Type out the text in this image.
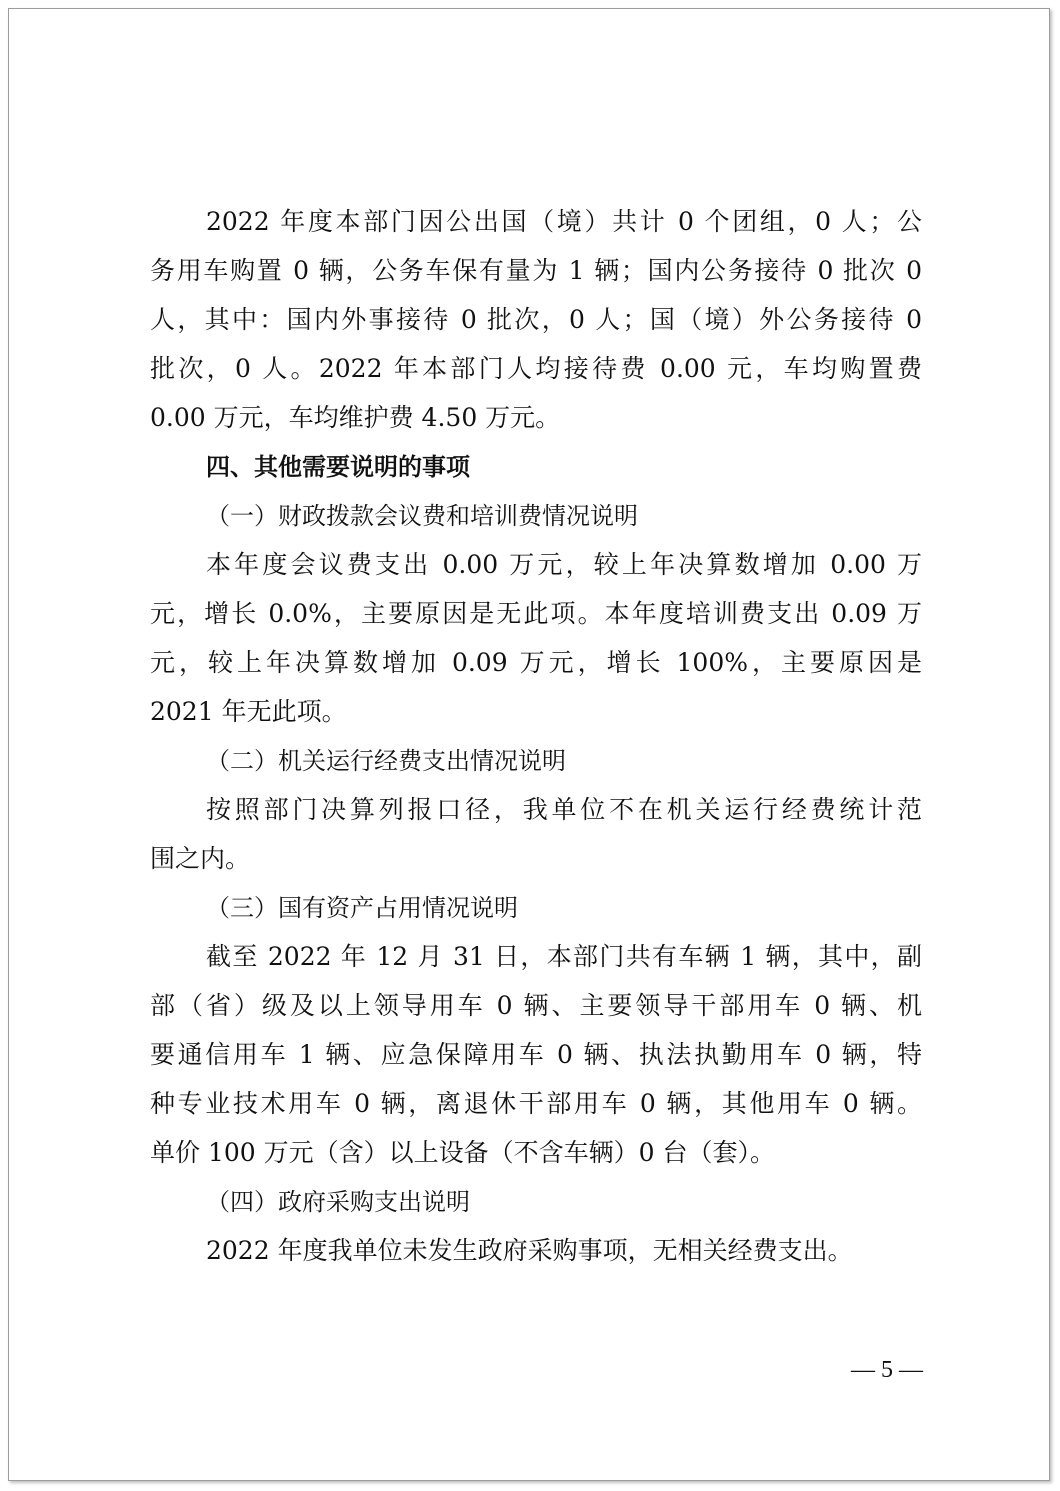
2022 年度本部门因公出国（境）共计 0 个团组，0 人；公
务用车购置 0 辆，公务车保有量为 1 辆；国内公务接待 0 批次 0
人，其中：国内外事接待 0 批次，0 人；国（境）外公务接待 0
批次，0 人。2022 年本部门人均接待费 0.00 元，车均购置费
0.00 万元，车均维护费 4.50 万元。
四、其他需要说明的事项
（一）财政拨款会议费和培训费情况说明
本年度会议费支出 0.00 万元，较上年决算数增加 0.00 万
元，增长 0.0%，主要原因是无此项。本年度培训费支出 0.09 万
元，较上年决算数增加 0.09 万元，增长 100%，主要原因是
2021 年无此项。
（二）机关运行经费支出情况说明
按照部门决算列报口径，我单位不在机关运行经费统计范
围之内。
（三）国有资产占用情况说明
截至 2022 年 12 月 31 日，本部门共有车辆 1 辆，其中，副
部（省）级及以上领导用车 0 辆、主要领导干部用车 0 辆、机
要通信用车 1 辆、应急保障用车 0 辆、执法执勤用车 0 辆，特
种专业技术用车 0 辆，离退休干部用车 0 辆，其他用车 0 辆。
单价 100 万元（含）以上设备（不含车辆）0 台（套）。
（四）政府采购支出说明
2022 年度我单位未发生政府采购事项，无相关经费支出。
— 5 —
